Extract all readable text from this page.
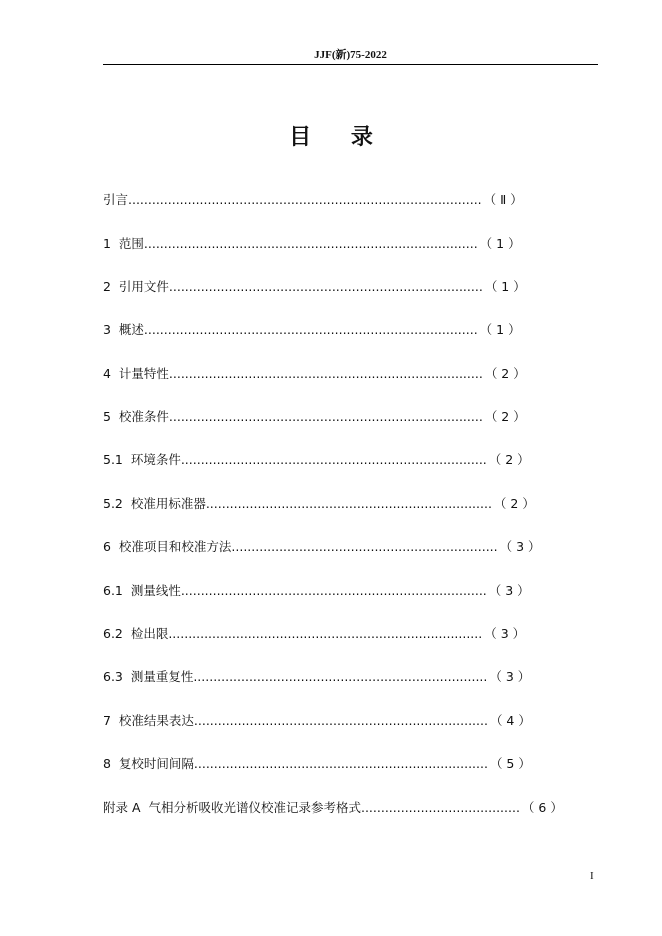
JJF(新)75-2022
目 录
引言......................................................................................... （ Ⅱ ）
1  范围.................................................................................... （ 1 ）
2  引用文件............................................................................... （ 1 ）
3  概述.................................................................................... （ 1 ）
4  计量特性............................................................................... （ 2 ）
5  校准条件............................................................................... （ 2 ）
5.1  环境条件............................................................................. （ 2 ）
5.2  校准用标准器........................................................................ （ 2 ）
6  校准项目和校准方法................................................................... （ 3 ）
6.1  测量线性............................................................................. （ 3 ）
6.2  检出限............................................................................... （ 3 ）
6.3  测量重复性.......................................................................... （ 3 ）
7  校准结果表达.......................................................................... （ 4 ）
8  复校时间间隔.......................................................................... （ 5 ）
附录 A  气相分析吸收光谱仪校准记录参考格式........................................ （ 6 ）
I
